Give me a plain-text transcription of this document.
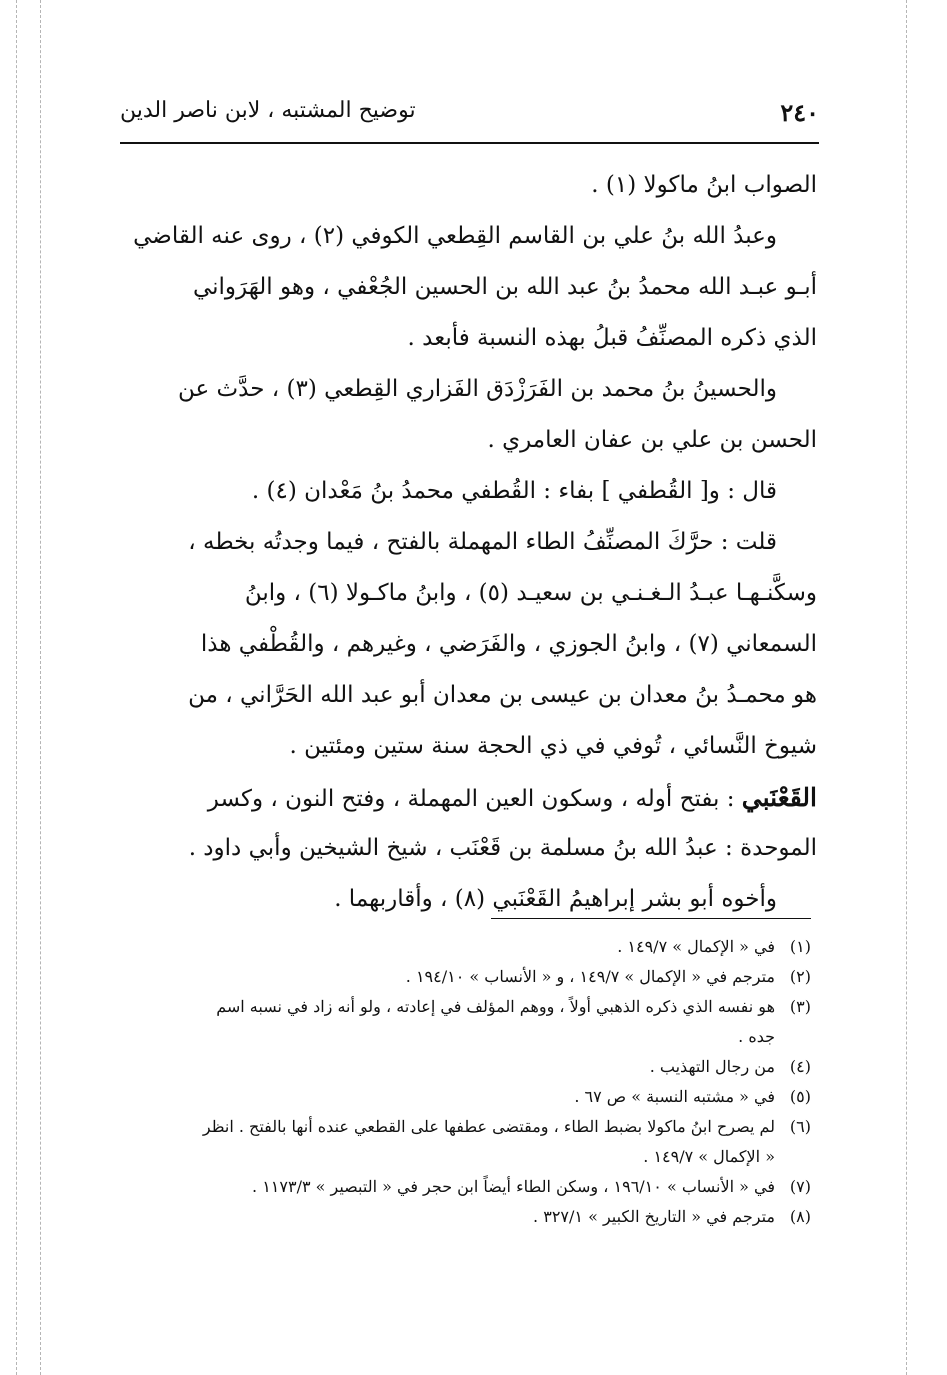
٢٤٠
توضيح المشتبه ، لابن ناصر الدين
الصواب ابنُ ماكولا (١) .
وعبدُ الله بنُ علي بن القاسم القِطعي الكوفي (٢) ، روى عنه القاضي
أبـو عبـد الله محمدُ بنُ عبد الله بن الحسين الجُعْفي ، وهو الهَرَواني
الذي ذكره المصنِّفُ قبلُ بهذه النسبة فأبعد .
والحسينُ بنُ محمد بن الفَرَزْدَق الفَزاري القِطعي (٣) ، حدَّث عن
الحسن بن علي بن عفان العامري .
قال : و[ القُطفي ] بفاء : القُطفي محمدُ بنُ مَعْدان (٤) .
قلت : حرَّكَ المصنِّفُ الطاء المهملة بالفتح ، فيما وجدتُه بخطه ،
وسكَّنـهـا عبـدُ الـغـنـي بن سعيـد (٥) ، وابنُ ماكـولا (٦) ، وابنُ
السمعاني (٧) ، وابنُ الجوزي ، والفَرَضي ، وغيرهم ، والقُطْفي هذا
هو محمـدُ بنُ معدان بن عيسى بن معدان أبو عبد الله الحَرَّاني ، من
شيوخ النَّسائي ، تُوفي في ذي الحجة سنة ستين ومئتين .
القَعْنَبي : بفتح أوله ، وسكون العين المهملة ، وفتح النون ، وكسر
الموحدة : عبدُ الله بنُ مسلمة بن قَعْنَب ، شيخ الشيخين وأبي داود .
وأخوه أبو بشر إبراهيمُ القَعْنَبي (٨) ، وأقاربهما .
(١)في « الإكمال » ١٤٩/٧ .
(٢)مترجم في « الإكمال » ١٤٩/٧ ، و « الأنساب » ١٩٤/١٠ .
(٣)هو نفسه الذي ذكره الذهبي أولاً ، ووهم المؤلف في إعادته ، ولو أنه زاد في نسبه اسم
جده .
(٤)من رجال التهذيب .
(٥)في « مشتبه النسبة » ص ٦٧ .
(٦)لم يصرح ابنُ ماكولا بضبط الطاء ، ومقتضى عطفها على القطعي عنده أنها بالفتح . انظر
« الإكمال » ١٤٩/٧ .
(٧)في « الأنساب » ١٩٦/١٠ ، وسكن الطاء أيضاً ابن حجر في « التبصير » ١١٧٣/٣ .
(٨)مترجم في « التاريخ الكبير » ٣٢٧/١ .
